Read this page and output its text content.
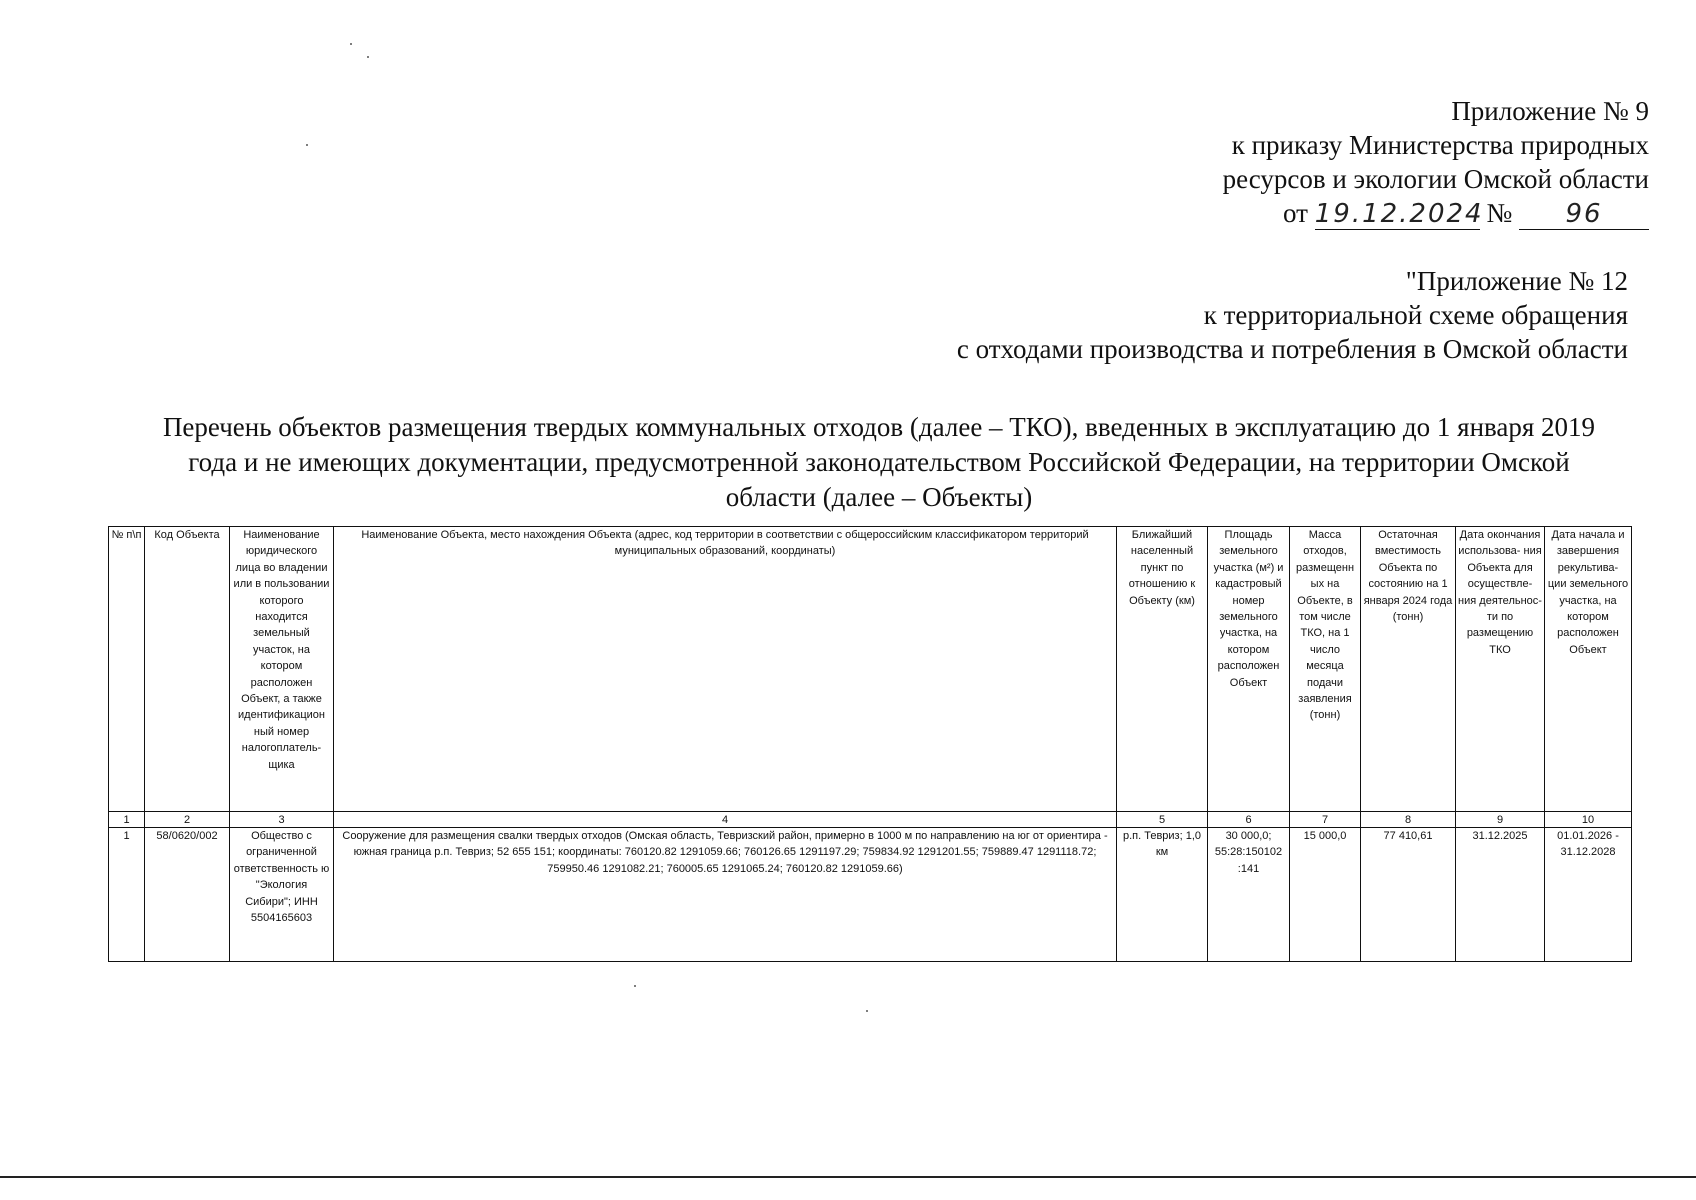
Приложение № 9
к приказу Министерства природных
ресурсов и экологии Омской области
от 19.12.2024 № 96
"Приложение № 12
к территориальной схеме обращения
с отходами производства и потребления в Омской области
Перечень объектов размещения твердых коммунальных отходов (далее – ТКО), введенных в эксплуатацию до 1 января 2019 года и не имеющих документации, предусмотренной законодательством Российской Федерации, на территории Омской области (далее – Объекты)
№ п\п	Код Объекта	Наименование юридического лица во владении или в пользовании которого находится земельный участок, на котором расположен Объект, а также идентификацион ный номер налогоплатель- щика	Наименование Объекта, место нахождения Объекта (адрес, код территории в соответствии с общероссийским классификатором территорий муниципальных образований, координаты)	Ближайший населенный пункт по отношению к Объекту (км)	Площадь земельного участка (м²) и кадастровый номер земельного участка, на котором расположен Объект	Масса отходов, размещенн ых на Объекте, в том числе ТКО, на 1 число месяца подачи заявления (тонн)	Остаточная вместимость Объекта по состоянию на 1 января 2024 года (тонн)	Дата окончания использова- ния Объекта для осуществле- ния деятельнос- ти по размещению ТКО	Дата начала и завершения рекультива- ции земельного участка, на котором расположен Объект
1	2	3	4	5	6	7	8	9	10
1	58/0620/002	Общество с ограниченной ответственность ю "Экология Сибири"; ИНН 5504165603	Сооружение для размещения свалки твердых отходов (Омская область, Тевризский район, примерно в 1000 м по направлению на юг от ориентира - южная граница р.п. Тевриз; 52 655 151; координаты: 760120.82 1291059.66; 760126.65 1291197.29; 759834.92 1291201.55; 759889.47 1291118.72; 759950.46 1291082.21; 760005.65 1291065.24; 760120.82 1291059.66)	р.п. Тевриз; 1,0 км	30 000,0; 55:28:150102 :141	15 000,0	77 410,61	31.12.2025	01.01.2026 - 31.12.2028
